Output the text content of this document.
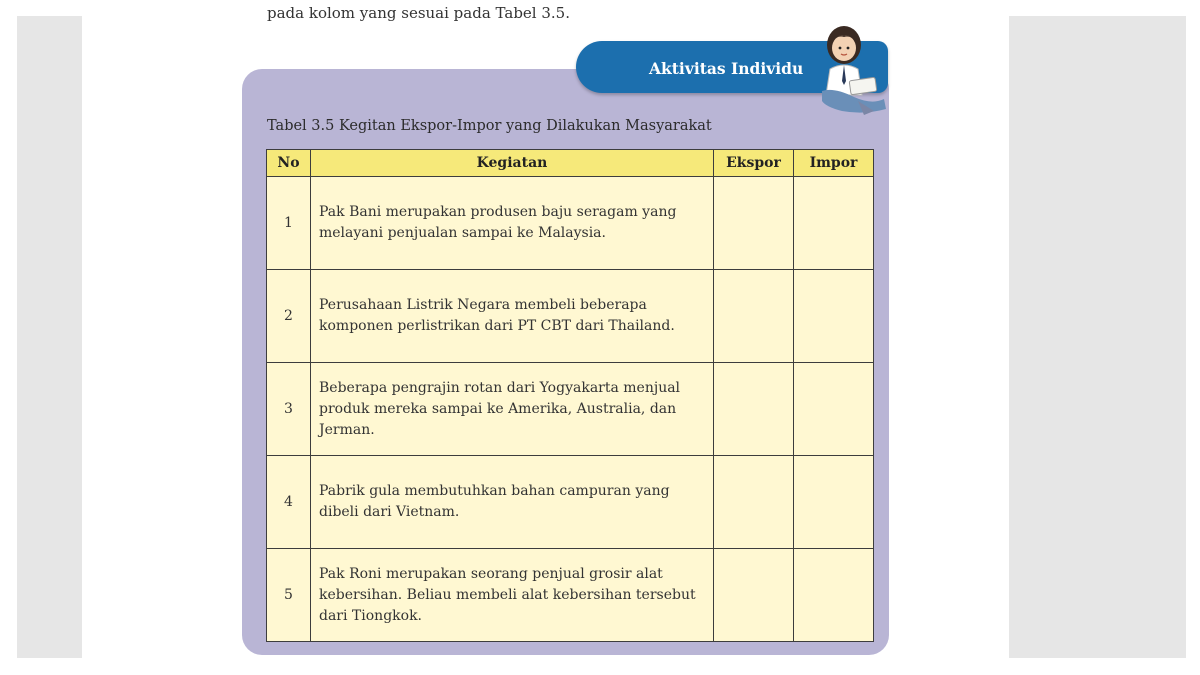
pada kolom yang sesuai pada Tabel 3.5.
Aktivitas Individu
Tabel 3.5 Kegitan Ekspor-Impor yang Dilakukan Masyarakat
No	Kegiatan	Ekspor	Impor
1	Pak Bani merupakan produsen baju seragam yang melayani penjualan sampai ke Malaysia.		
2	Perusahaan Listrik Negara membeli beberapa komponen perlistrikan dari PT CBT dari Thailand.		
3	Beberapa pengrajin rotan dari Yogyakarta menjual produk mereka sampai ke Amerika, Australia, dan Jerman.		
4	Pabrik gula membutuhkan bahan campuran yang dibeli dari Vietnam.		
5	Pak Roni merupakan seorang penjual grosir alat kebersihan. Beliau membeli alat kebersihan tersebut dari Tiongkok.		
